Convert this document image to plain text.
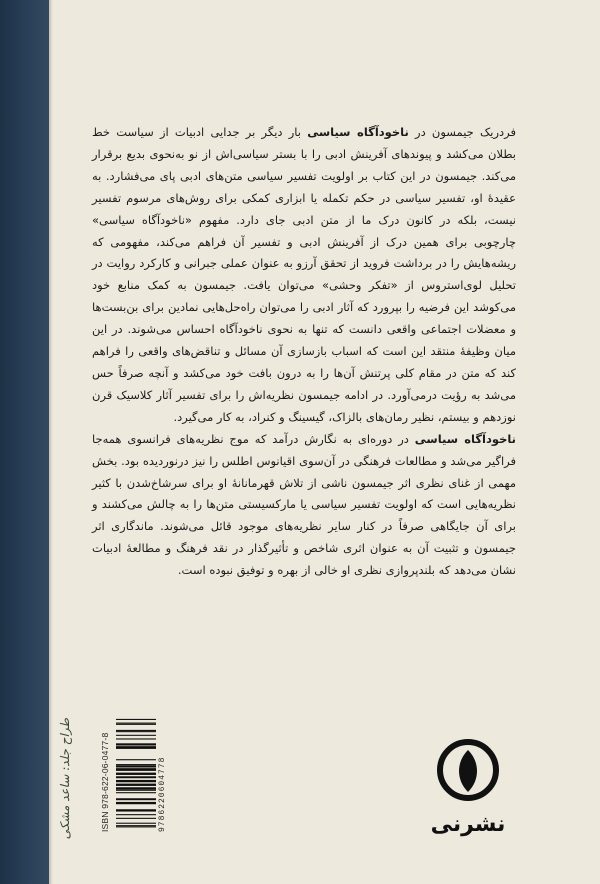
فردریک جیمسون در ناخودآگاه سیاسی بار دیگر بر جدایی ادبیات از سیاست خط بطلان می‌کشد و پیوندهای آفرینش ادبی را با بستر سیاسی‌اش از نو به‌نحوی بدیع برقرار می‌کند. جیمسون در این کتاب بر اولویت تفسیر سیاسی متن‌های ادبی پای می‌فشارد. به عقیدهٔ او، تفسیر سیاسی در حکم تکمله یا ابزاری کمکی برای روش‌های مرسوم تفسیر نیست، بلکه در کانون درک ما از متن ادبی جای دارد. مفهوم «ناخودآگاه سیاسی» چارچوبی برای همین درک از آفرینش ادبی و تفسیر آن فراهم می‌کند، مفهومی که ریشه‌هایش را در برداشت فروید از تحقق آرزو به عنوان عملی جبرانی و کارکرد روایت در تحلیل لوی‌استروس از «تفکر وحشی» می‌توان یافت. جیمسون به کمک منابع خود می‌کوشد این فرضیه را بپرورد که آثار ادبی را می‌توان راه‌حل‌هایی نمادین برای بن‌بست‌ها و معضلات اجتماعی واقعی دانست که تنها به نحوی ناخودآگاه احساس می‌شوند. در این میان وظیفهٔ منتقد این است که اسباب بازسازی آن مسائل و تناقض‌های واقعی را فراهم کند که متن در مقام کلی پرتنش آن‌ها را به درون بافت خود می‌کشد و آنچه صرفاً حس می‌شد به رؤیت درمی‌آورد. در ادامه جیمسون نظریه‌اش را برای تفسیر آثار کلاسیک قرن نوزدهم و بیستم، نظیر رمان‌های بالزاک، گیسینگ و کنراد، به کار می‌گیرد.

ناخودآگاه سیاسی در دوره‌ای به نگارش درآمد که موج نظریه‌های فرانسوی همه‌جا فراگیر می‌شد و مطالعات فرهنگی در آن‌سوی اقیانوس اطلس را نیز درنوردیده بود. بخش مهمی از غنای نظری اثر جیمسون ناشی از تلاش قهرمانانهٔ او برای سرشاخ‌شدن با کثیر نظریه‌هایی است که اولویت تفسیر سیاسی یا مارکسیستی متن‌ها را به چالش می‌کشند و برای آن جایگاهی صرفاً در کنار سایر نظریه‌های موجود قائل می‌شوند. ماندگاری اثر جیمسون و تثبیت آن به عنوان اثری شاخص و تأثیرگذار در نقد فرهنگ و مطالعهٔ ادبیات نشان می‌دهد که بلندپروازی نظری او خالی از بهره و توفیق نبوده است.

طراح جلد: ساعد مشکی	ISBN 978-622-06-0477-8	9786220604778	نشرنی
